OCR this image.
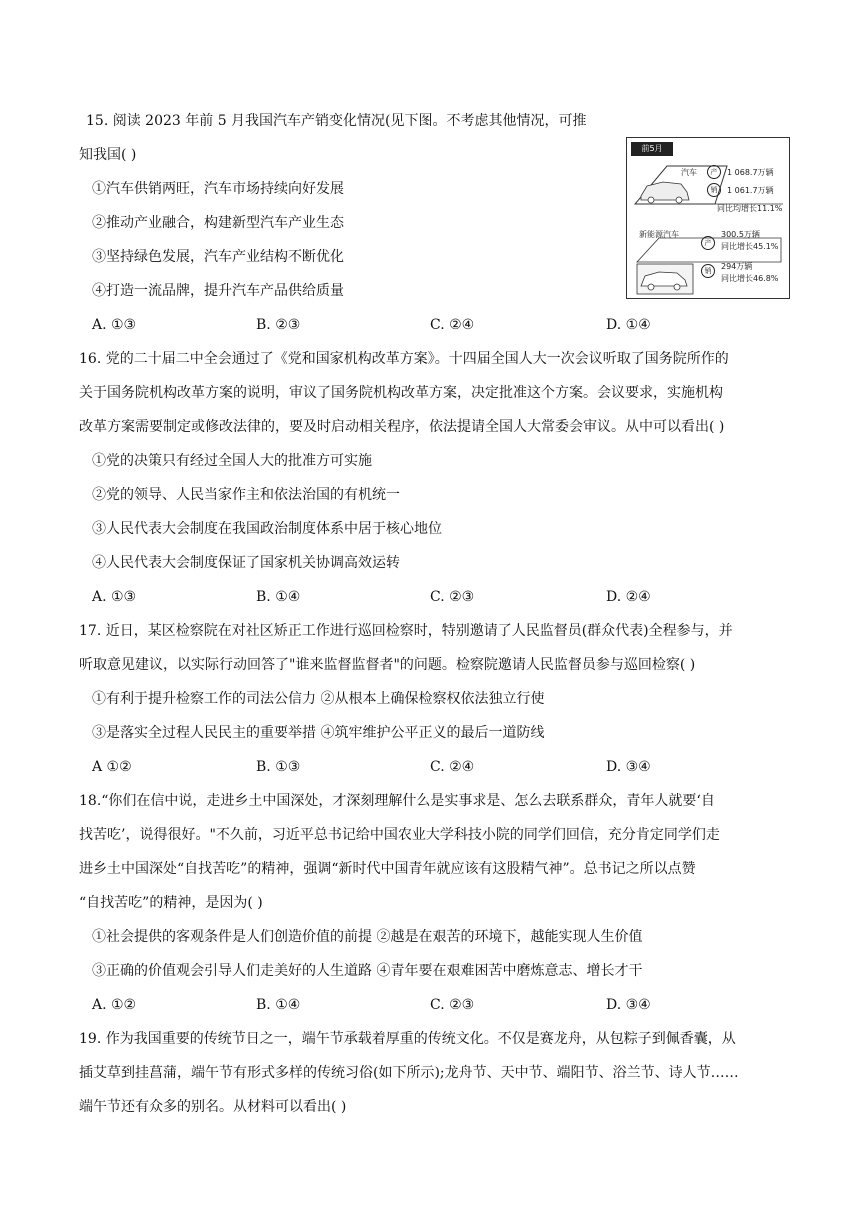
15. 阅读 2023 年前 5 月我国汽车产销变化情况(见下图。不考虑其他情况，可推
知我国( )
①汽车供销两旺，汽车市场持续向好发展
②推动产业融合，构建新型汽车产业生态
③坚持绿色发展，汽车产业结构不断优化
④打造一流品牌，提升汽车产品供给质量
A. ①③	B. ②③	C. ②④	D. ①④
前5月
汽车	产	1 068.7万辆
销	1 061.7万辆
同比均增长11.1%
新能源汽车	300.5万辆
产	同比增长45.1%
294万辆
销
同比增长46.8%
16. 党的二十届二中全会通过了《党和国家机构改革方案》。十四届全国人大一次会议听取了国务院所作的
关于国务院机构改革方案的说明，审议了国务院机构改革方案，决定批准这个方案。会议要求，实施机构
改革方案需要制定或修改法律的，要及时启动相关程序，依法提请全国人大常委会审议。从中可以看出( )
①党的决策只有经过全国人大的批准方可实施
②党的领导、人民当家作主和依法治国的有机统一
③人民代表大会制度在我国政治制度体系中居于核心地位
④人民代表大会制度保证了国家机关协调高效运转
A. ①③	B. ①④	C. ②③	D. ②④
17. 近日，某区检察院在对社区矫正工作进行巡回检察时，特别邀请了人民监督员(群众代表)全程参与，并
听取意见建议，以实际行动回答了"谁来监督监督者"的问题。检察院邀请人民监督员参与巡回检察( )
①有利于提升检察工作的司法公信力 ②从根本上确保检察权依法独立行使
③是落实全过程人民民主的重要举措 ④筑牢维护公平正义的最后一道防线
A ①②	B. ①③	C. ②④	D. ③④
18.“你们在信中说，走进乡土中国深处，才深刻理解什么是实事求是、怎么去联系群众，青年人就要‘自
找苦吃’，说得很好。"不久前，习近平总书记给中国农业大学科技小院的同学们回信，充分肯定同学们走
进乡土中国深处“自找苦吃”的精神，强调“新时代中国青年就应该有这股精气神”。总书记之所以点赞
“自找苦吃”的精神，是因为( )
①社会提供的客观条件是人们创造价值的前提 ②越是在艰苦的环境下，越能实现人生价值
③正确的价值观会引导人们走美好的人生道路 ④青年要在艰难困苦中磨炼意志、增长才干
A. ①②	B. ①④	C. ②③	D. ③④
19. 作为我国重要的传统节日之一，端午节承载着厚重的传统文化。不仅是赛龙舟，从包粽子到佩香囊，从
插艾草到挂菖蒲，端午节有形式多样的传统习俗(如下所示);龙舟节、天中节、端阳节、浴兰节、诗人节……
端午节还有众多的别名。从材料可以看出( )
